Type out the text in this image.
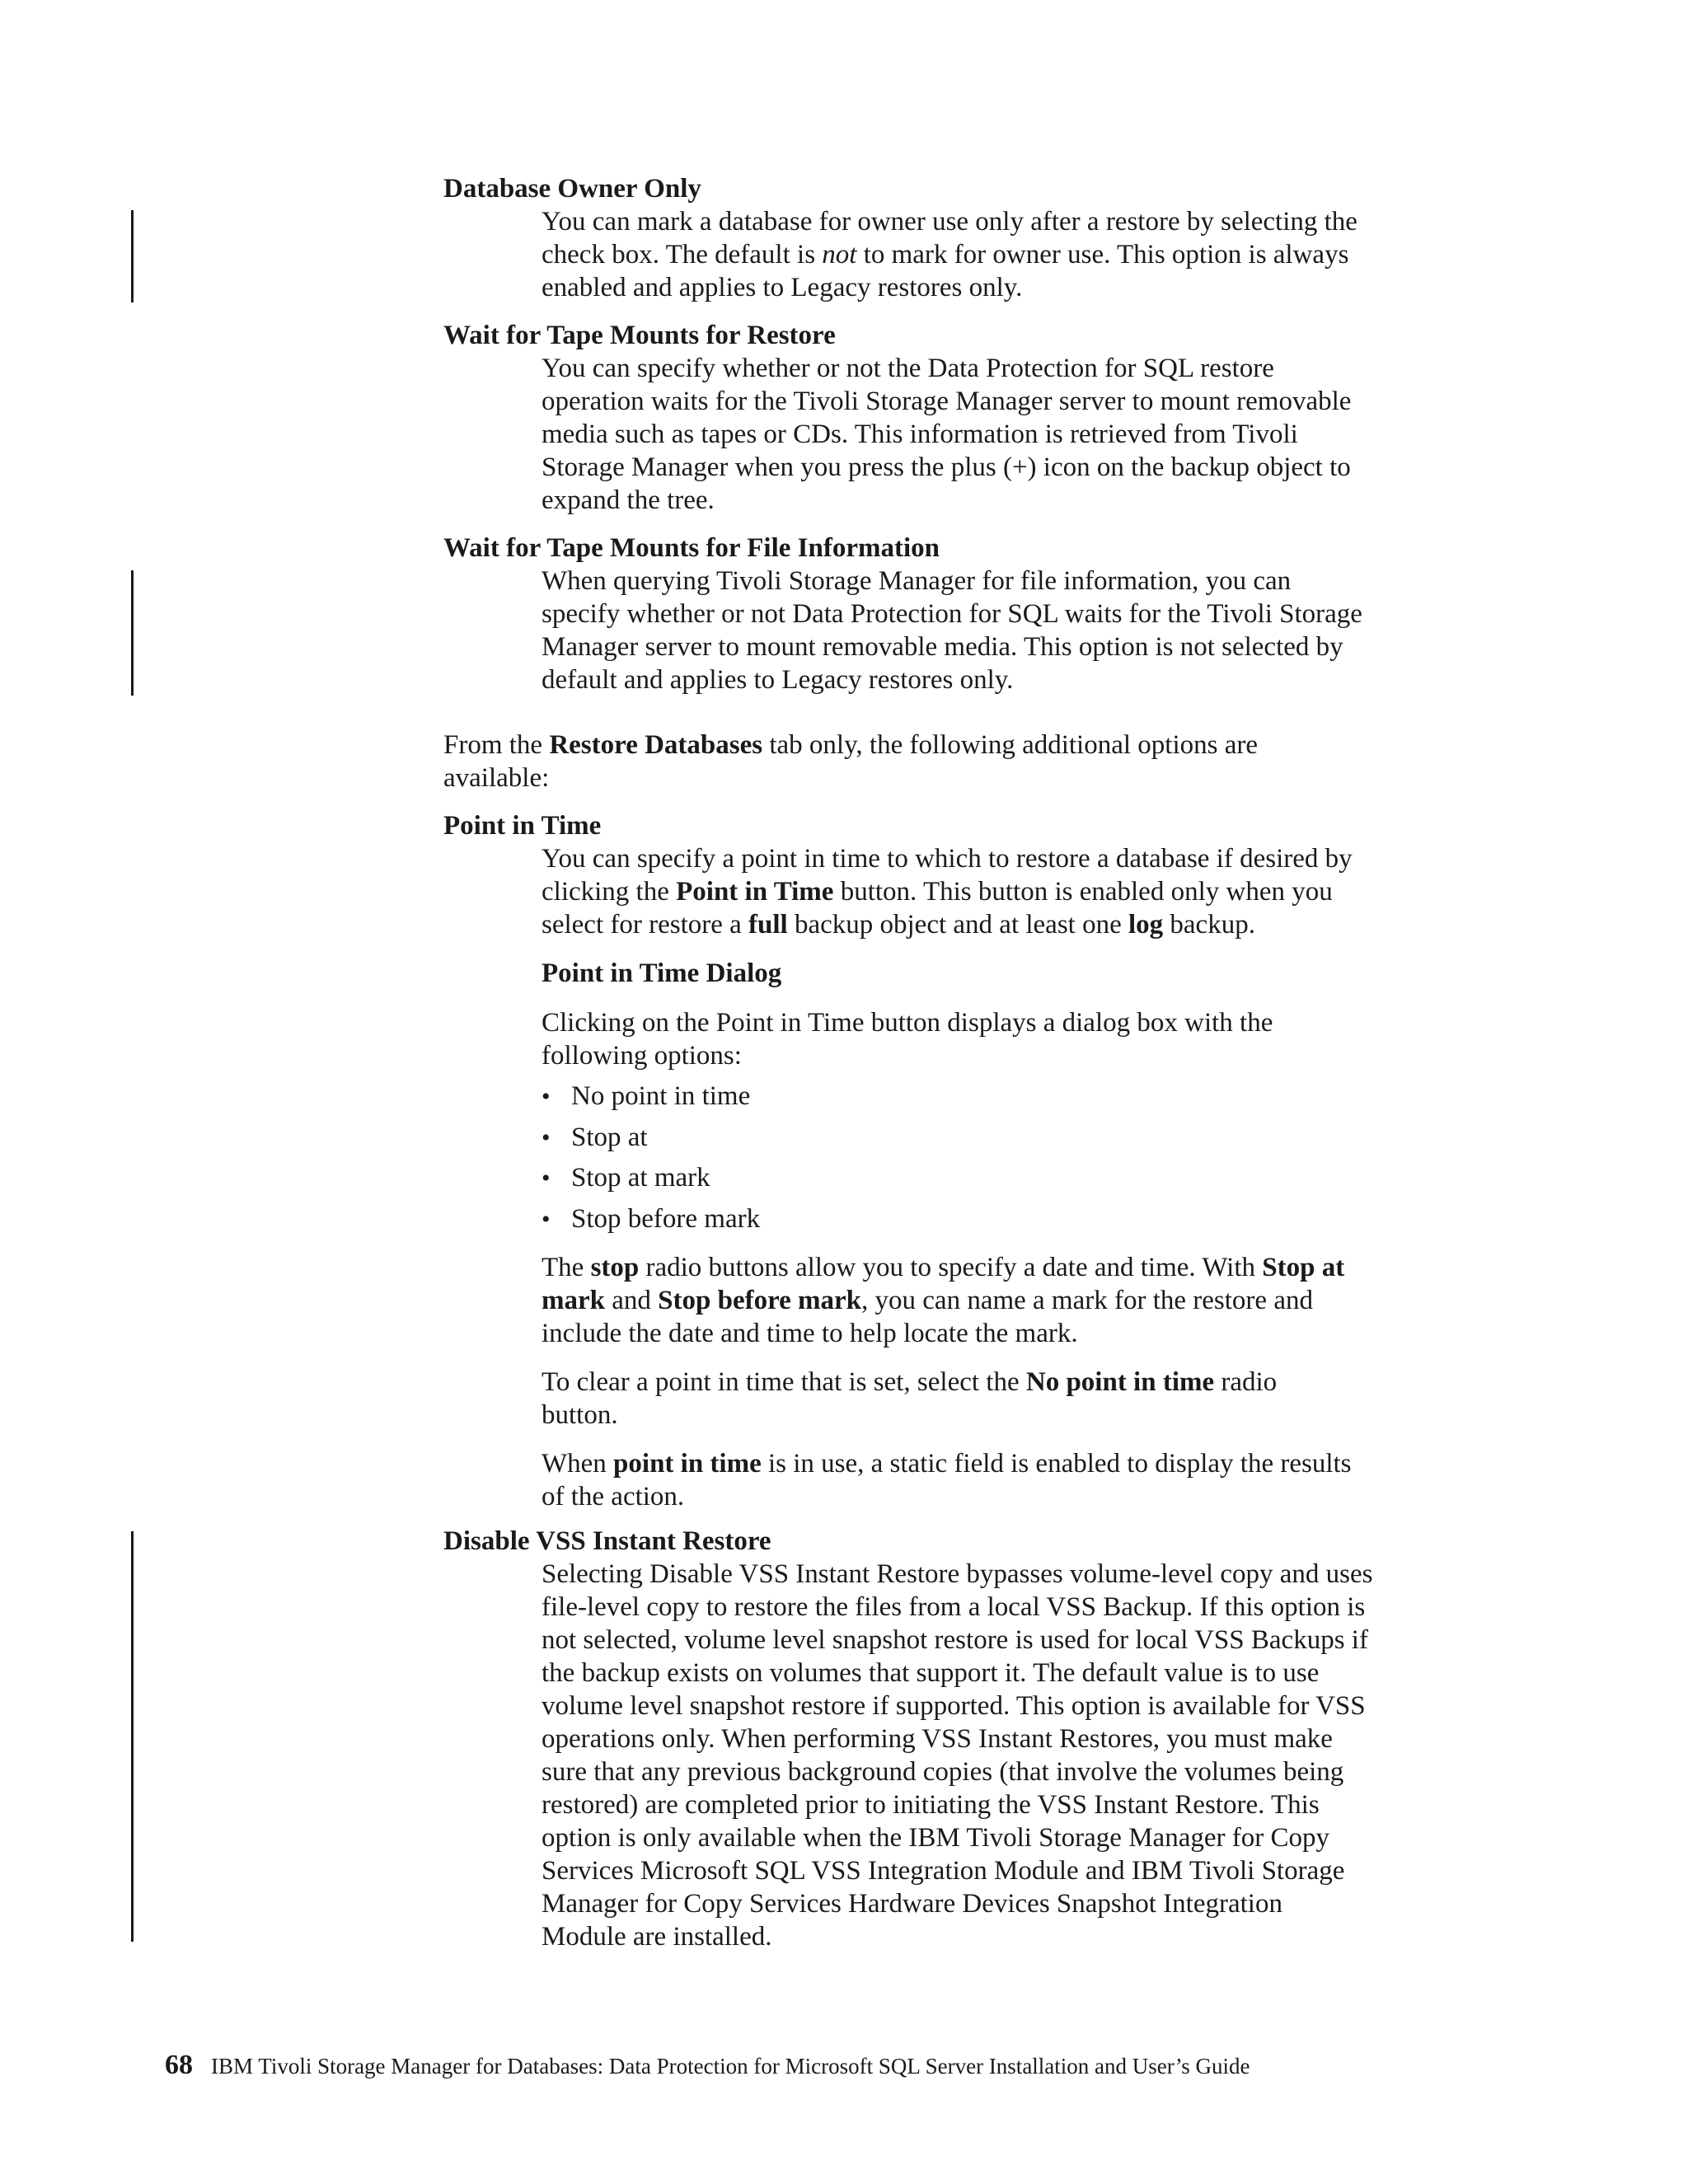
Database Owner Only

You can mark a database for owner use only after a restore by selecting the
check box. The default is not to mark for owner use. This option is always
enabled and applies to Legacy restores only.

Wait for Tape Mounts for Restore

You can specify whether or not the Data Protection for SQL restore
operation waits for the Tivoli Storage Manager server to mount removable
media such as tapes or CDs. This information is retrieved from Tivoli
Storage Manager when you press the plus (+) icon on the backup object to
expand the tree.

Wait for Tape Mounts for File Information

When querying Tivoli Storage Manager for file information, you can
specify whether or not Data Protection for SQL waits for the Tivoli Storage
Manager server to mount removable media. This option is not selected by
default and applies to Legacy restores only.
From the Restore Databases tab only, the following additional options are
available:

Point in Time

You can specify a point in time to which to restore a database if desired by
clicking the Point in Time button. This button is enabled only when you
select for restore a full backup object and at least one log backup.

Point in Time Dialog

Clicking on the Point in Time button displays a dialog box with the
following options:
• No point in time
• Stop at
• Stop at mark
• Stop before mark
The stop radio buttons allow you to specify a date and time. With Stop at
mark and Stop before mark, you can name a mark for the restore and
include the date and time to help locate the mark.
To clear a point in time that is set, select the No point in time radio
button.
When point in time is in use, a static field is enabled to display the results
of the action.

Disable VSS Instant Restore

Selecting Disable VSS Instant Restore bypasses volume-level copy and uses
file-level copy to restore the files from a local VSS Backup. If this option is
not selected, volume level snapshot restore is used for local VSS Backups if
the backup exists on volumes that support it. The default value is to use
volume level snapshot restore if supported. This option is available for VSS
operations only. When performing VSS Instant Restores, you must make
sure that any previous background copies (that involve the volumes being
restored) are completed prior to initiating the VSS Instant Restore. This
option is only available when the IBM Tivoli Storage Manager for Copy
Services Microsoft SQL VSS Integration Module and IBM Tivoli Storage
Manager for Copy Services Hardware Devices Snapshot Integration
Module are installed.
68 IBM Tivoli Storage Manager for Databases: Data Protection for Microsoft SQL Server Installation and User’s Guide
